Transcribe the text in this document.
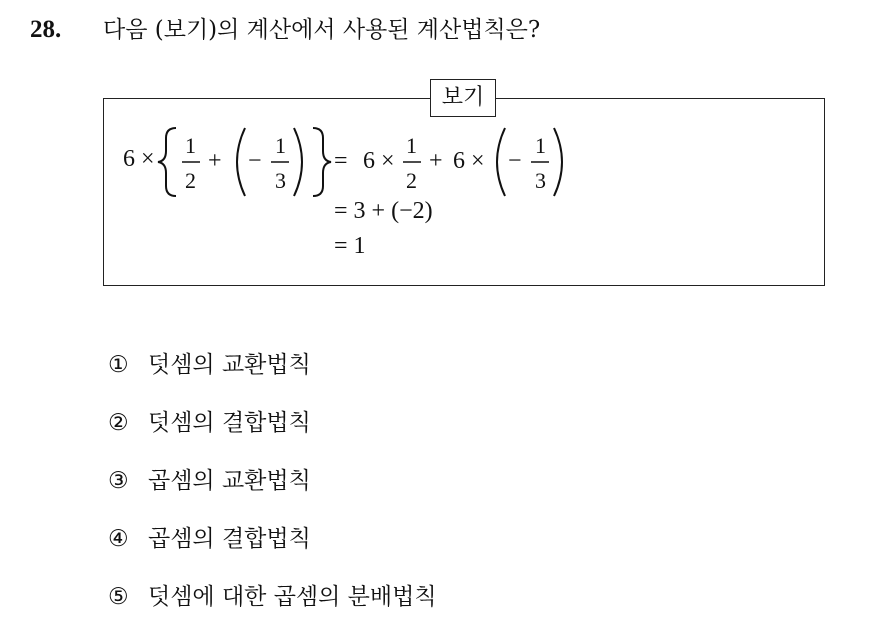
28. 다음 (보기)의 계산에서 사용된 계산법칙은?
6 ×
1
2
+ −
1
3
= 6 ×
1
2
+ 6 × −
1
3
= 3 + (−2)
= 1
보기
① 덧셈의 교환법칙
② 덧셈의 결합법칙
③ 곱셈의 교환법칙
④ 곱셈의 결합법칙
⑤ 덧셈에 대한 곱셈의 분배법칙
